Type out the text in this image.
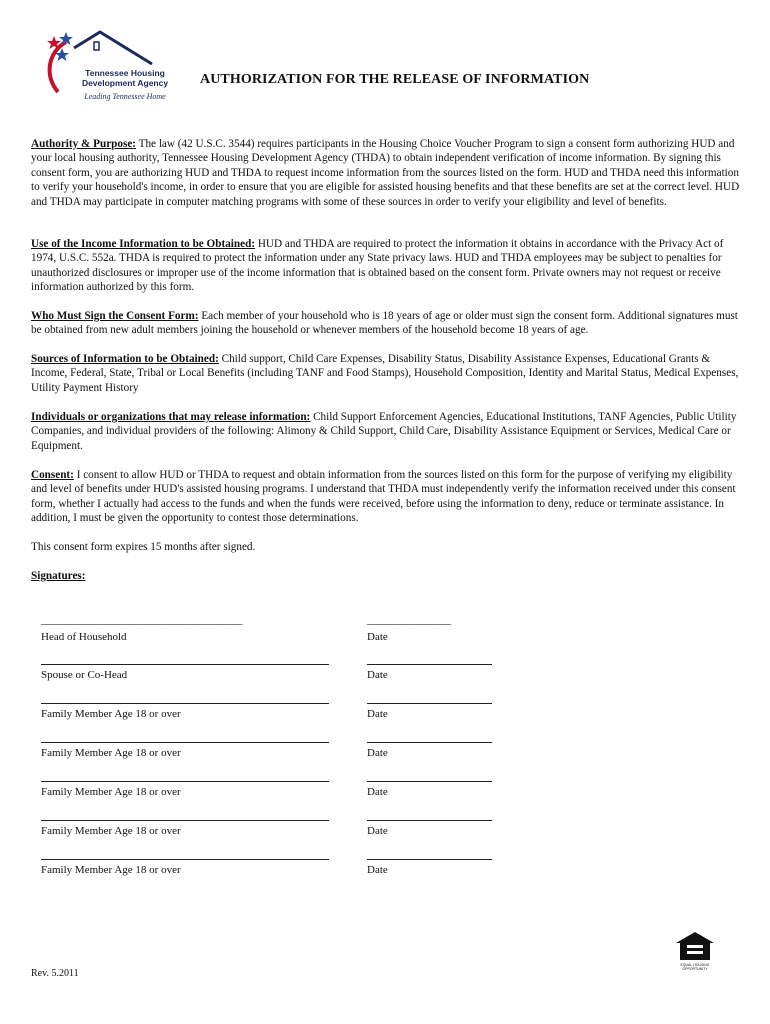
Tennessee Housing
Development Agency
Leading Tennessee Home
AUTHORIZATION FOR THE RELEASE OF INFORMATION

Authority & Purpose: The law (42 U.S.C. 3544) requires participants in the Housing Choice Voucher Program to sign a consent form authorizing HUD and your local housing authority, Tennessee Housing Development Agency (THDA) to obtain independent verification of income information. By signing this consent form, you are authorizing HUD and THDA to request income information from the sources listed on the form. HUD and THDA need this information to verify your household's income, in order to ensure that you are eligible for assisted housing benefits and that these benefits are set at the correct level. HUD and THDA may participate in computer matching programs with some of these sources in order to verify your eligibility and level of benefits.

Use of the Income Information to be Obtained: HUD and THDA are required to protect the information it obtains in accordance with the Privacy Act of 1974, U.S.C. 552a. THDA is required to protect the information under any State privacy laws. HUD and THDA employees may be subject to penalties for unauthorized disclosures or improper use of the income information that is obtained based on the consent form. Private owners may not request or receive information authorized by this form.

Who Must Sign the Consent Form: Each member of your household who is 18 years of age or older must sign the consent form. Additional signatures must be obtained from new adult members joining the household or whenever members of the household become 18 years of age.

Sources of Information to be Obtained: Child support, Child Care Expenses, Disability Status, Disability Assistance Expenses, Educational Grants & Income, Federal, State, Tribal or Local Benefits (including TANF and Food Stamps), Household Composition, Identity and Marital Status, Medical Expenses, Utility Payment History

Individuals or organizations that may release information: Child Support Enforcement Agencies, Educational Institutions, TANF Agencies, Public Utility Companies, and individual providers of the following: Alimony & Child Support, Child Care, Disability Assistance Equipment or Services, Medical Care or Equipment.

Consent: I consent to allow HUD or THDA to request and obtain information from the sources listed on this form for the purpose of verifying my eligibility and level of benefits under HUD's assisted housing programs. I understand that THDA must independently verify the information received under this consent form, whether I actually had access to the funds and when the funds were received, before using the information to deny, reduce or terminate assistance. In addition, I must be given the opportunity to contest those determinations.

This consent form expires 15 months after signed.

Signatures:
_________________________________________	_________________
Head of Household	Date
Spouse or Co-Head	Date
Family Member Age 18 or over	Date
Family Member Age 18 or over	Date
Family Member Age 18 or over	Date
Family Member Age 18 or over	Date
Family Member Age 18 or over	Date
Rev. 5.2011
EQUAL HOUSING OPPORTUNITY
